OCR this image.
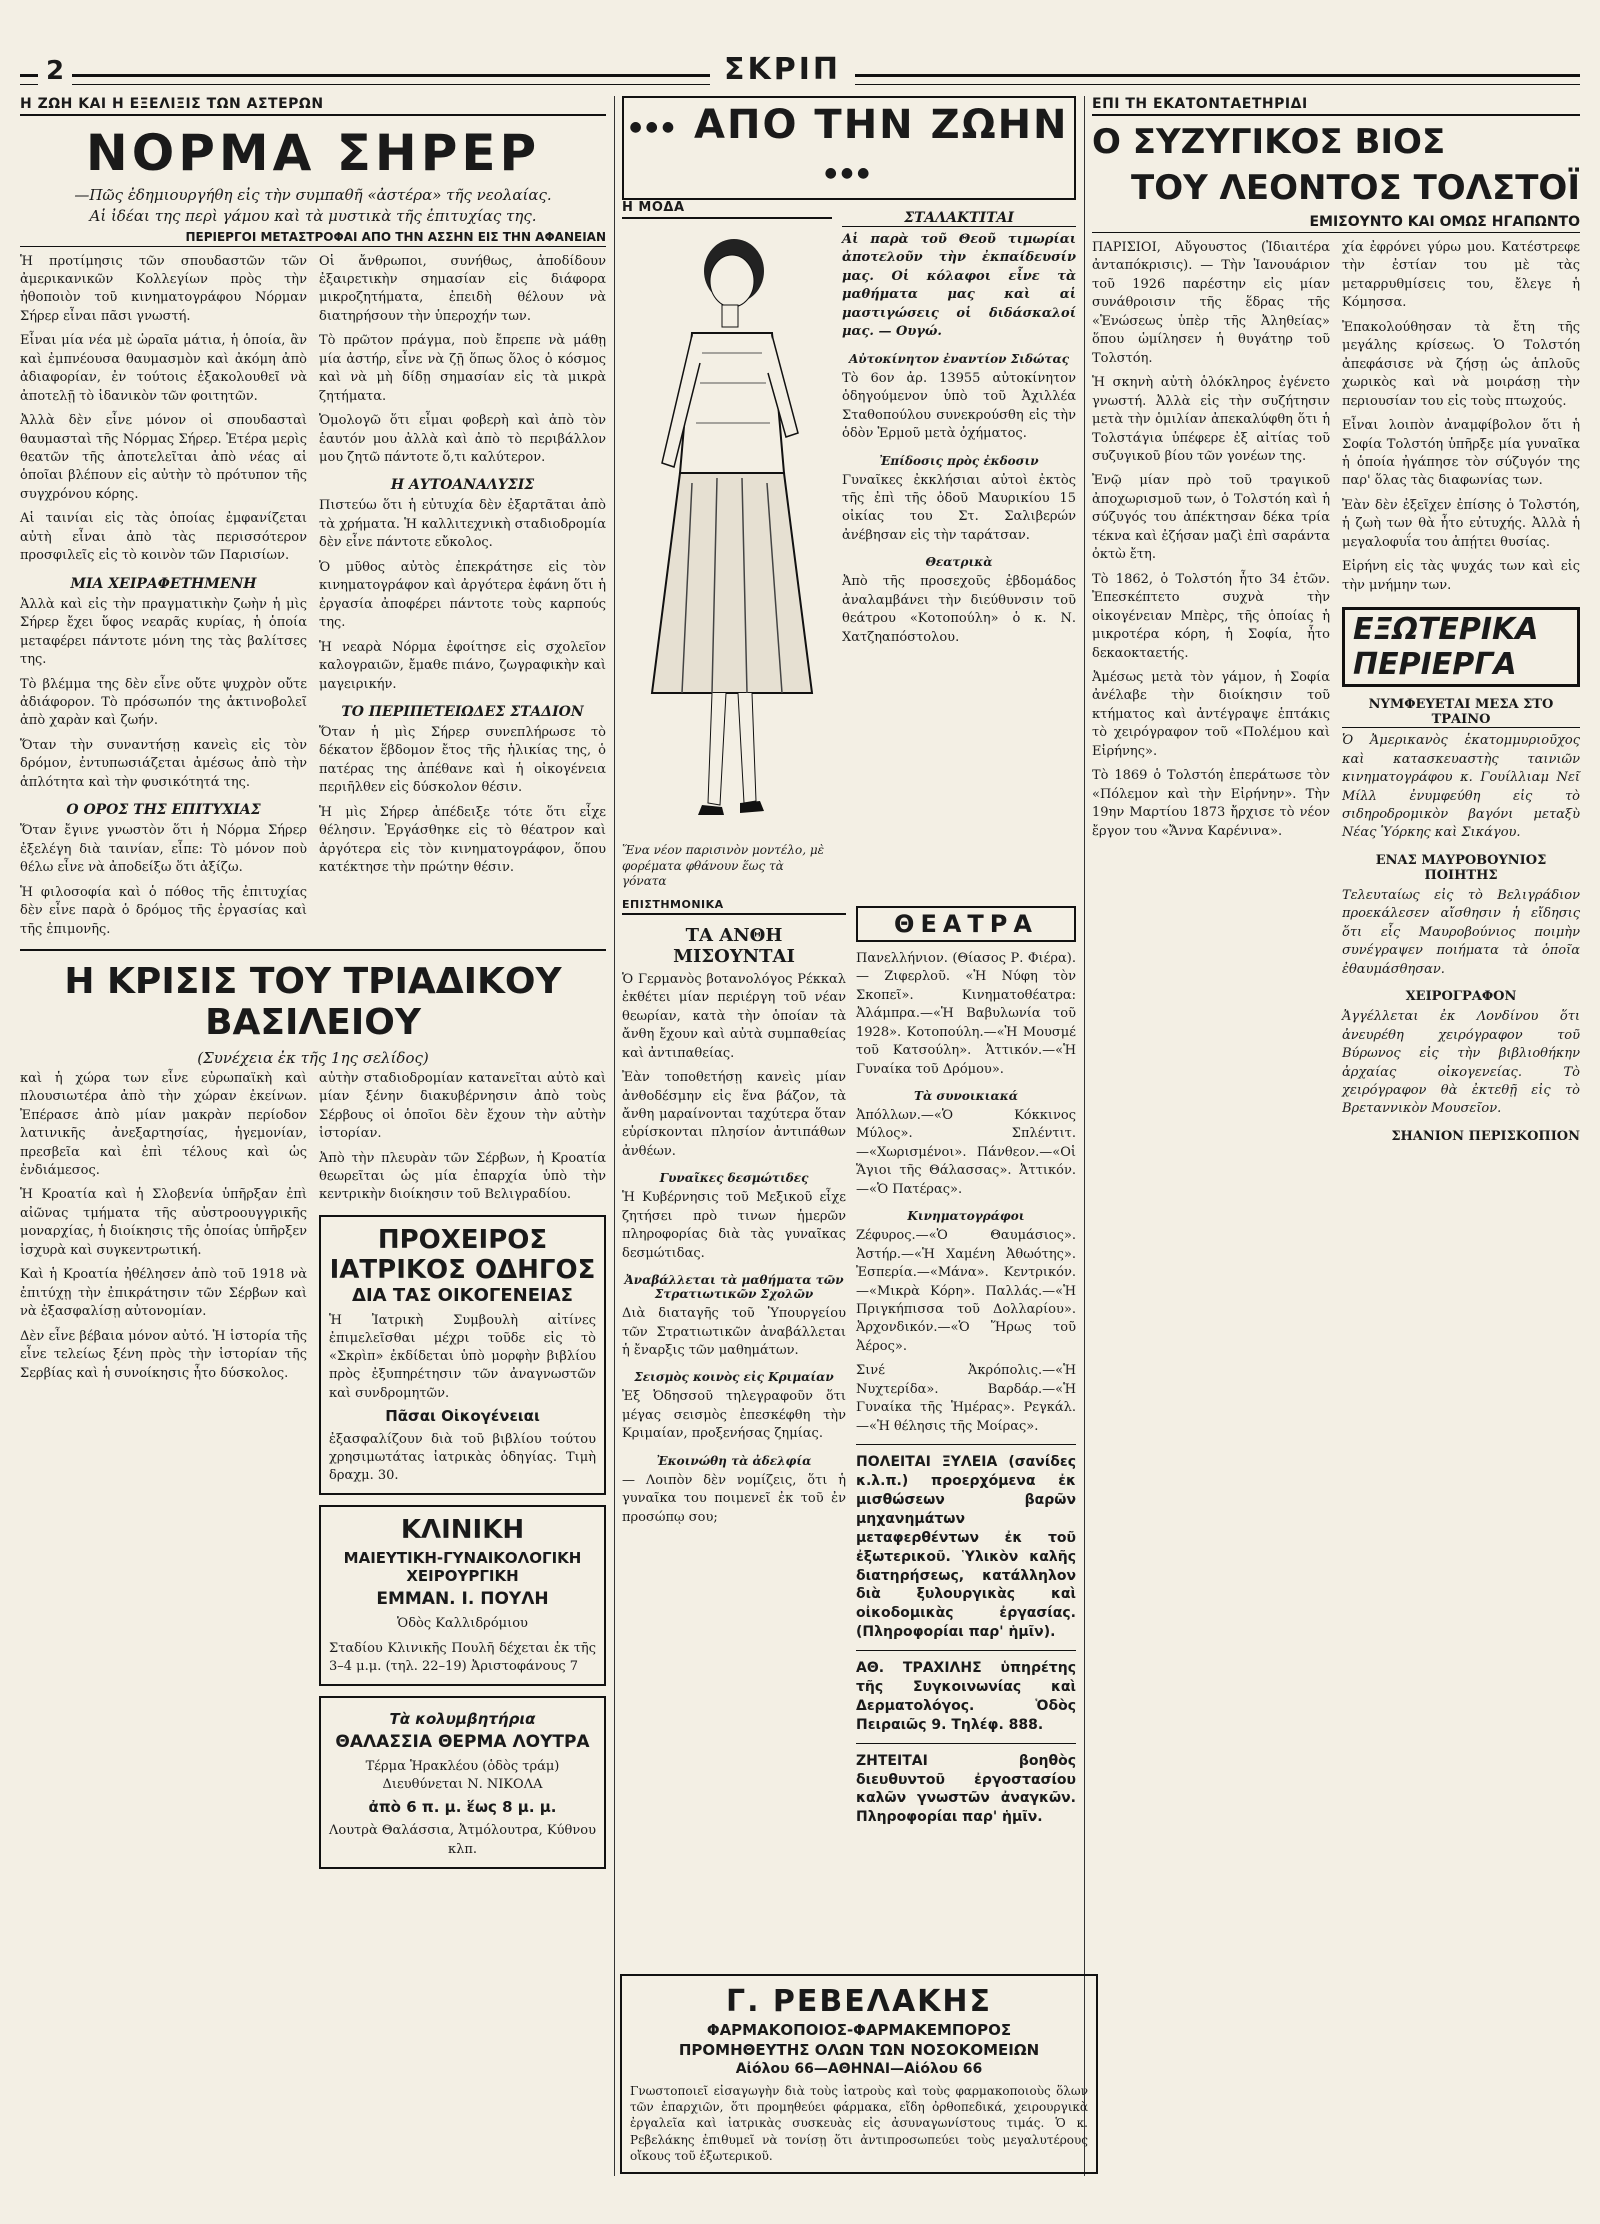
2	ΣΚΡΙΠ
Η ΖΩΗ ΚΑΙ Η ΕΞΕΛΙΞΙΣ ΤΩΝ ΑΣΤΕΡΩΝ
ΝΟΡΜΑ ΣΗΡΕΡ
—Πῶς ἐδημιουργήθη εἰς τὴν συμπαθῆ «ἀστέρα» τῆς νεολαίας.
Αἱ ἰδέαι της περὶ γάμου καὶ τὰ μυστικὰ τῆς ἐπιτυχίας της.
ΠΕΡΙΕΡΓΟΙ ΜΕΤΑΣΤΡΟΦΑΙ ΑΠΟ ΤΗΝ ΑΣΣΗΝ ΕΙΣ ΤΗΝ ΑΦΑΝΕΙΑΝ

Ἡ προτίμησις τῶν σπουδαστῶν τῶν ἀμερικανικῶν Κολλεγίων πρὸς τὴν ἠθοποιὸν τοῦ κινηματογράφου Νόρμαν Σήρερ εἶναι πᾶσι γνωστή.

Εἶναι μία νέα μὲ ὡραῖα μάτια, ἡ ὁποία, ἂν καὶ ἐμπνέουσα θαυμασμὸν καὶ ἀκόμη ἀπὸ ἀδιαφορίαν, ἐν τούτοις ἐξακολουθεῖ νὰ ἀποτελῇ τὸ ἰδανικὸν τῶν φοιτητῶν.

Ἀλλὰ δὲν εἶνε μόνον οἱ σπουδασταὶ θαυμασταὶ τῆς Νόρμας Σήρερ. Ἑτέρα μερὶς θεατῶν τῆς ἀποτελεῖται ἀπὸ νέας αἱ ὁποῖαι βλέπουν εἰς αὐτὴν τὸ πρότυπον τῆς συγχρόνου κόρης.

Αἱ ταινίαι εἰς τὰς ὁποίας ἐμφανίζεται αὐτὴ εἶναι ἀπὸ τὰς περισσότερον προσφιλεῖς εἰς τὸ κοινὸν τῶν Παρισίων.

ΜΙΑ ΧΕΙΡΑΦΕΤΗΜΕΝΗ

Ἀλλὰ καὶ εἰς τὴν πραγματικὴν ζωὴν ἡ μὶς Σήρερ ἔχει ὕφος νεαρᾶς κυρίας, ἡ ὁποία μεταφέρει πάντοτε μόνη της τὰς βαλίτσες της.

Τὸ βλέμμα της δὲν εἶνε οὔτε ψυχρὸν οὔτε ἀδιάφορον. Τὸ πρόσωπόν της ἀκτινοβολεῖ ἀπὸ χαρὰν καὶ ζωήν.

Ὅταν τὴν συναντήσῃ κανεὶς εἰς τὸν δρόμον, ἐντυπωσιάζεται ἀμέσως ἀπὸ τὴν ἁπλότητα καὶ τὴν φυσικότητά της.

Ο ΟΡΟΣ ΤΗΣ ΕΠΙΤΥΧΙΑΣ

Ὅταν ἔγινε γνωστὸν ὅτι ἡ Νόρμα Σήρερ ἐξελέγη διὰ ταινίαν, εἶπε: Τὸ μόνον ποὺ θέλω εἶνε νὰ ἀποδείξω ὅτι ἀξίζω.

Ἡ φιλοσοφία καὶ ὁ πόθος τῆς ἐπιτυχίας δὲν εἶνε παρὰ ὁ δρόμος τῆς ἐργασίας καὶ τῆς ἐπιμονῆς.

Οἱ ἄνθρωποι, συνήθως, ἀποδίδουν ἐξαιρετικὴν σημασίαν εἰς διάφορα μικροζητήματα, ἐπειδὴ θέλουν νὰ διατηρήσουν τὴν ὑπεροχήν των.

Τὸ πρῶτον πράγμα, ποὺ ἔπρεπε νὰ μάθῃ μία ἀστήρ, εἶνε νὰ ζῇ ὅπως ὅλος ὁ κόσμος καὶ νὰ μὴ δίδῃ σημασίαν εἰς τὰ μικρὰ ζητήματα.

Ὁμολογῶ ὅτι εἶμαι φοβερὴ καὶ ἀπὸ τὸν ἑαυτόν μου ἀλλὰ καὶ ἀπὸ τὸ περιβάλλον μου ζητῶ πάντοτε ὅ,τι καλύτερον.

Η ΑΥΤΟΑΝΑΛΥΣΙΣ

Πιστεύω ὅτι ἡ εὐτυχία δὲν ἐξαρτᾶται ἀπὸ τὰ χρήματα. Ἡ καλλιτεχνικὴ σταδιοδρομία δὲν εἶνε πάντοτε εὔκολος.

Ὁ μῦθος αὐτὸς ἐπεκράτησε εἰς τὸν κινηματογράφον καὶ ἀργότερα ἐφάνη ὅτι ἡ ἐργασία ἀποφέρει πάντοτε τοὺς καρπούς της.

Ἡ νεαρὰ Νόρμα ἐφοίτησε εἰς σχολεῖον καλογραιῶν, ἔμαθε πιάνο, ζωγραφικὴν καὶ μαγειρικήν.

ΤΟ ΠΕΡΙΠΕΤΕΙΩΔΕΣ ΣΤΑΔΙΟΝ

Ὅταν ἡ μὶς Σήρερ συνεπλήρωσε τὸ δέκατον ἕβδομον ἔτος τῆς ἡλικίας της, ὁ πατέρας της ἀπέθανε καὶ ἡ οἰκογένεια περιῆλθεν εἰς δύσκολον θέσιν.

Ἡ μὶς Σήρερ ἀπέδειξε τότε ὅτι εἶχε θέλησιν. Ἐργάσθηκε εἰς τὸ θέατρον καὶ ἀργότερα εἰς τὸν κινηματογράφον, ὅπου κατέκτησε τὴν πρώτην θέσιν.

Η ΚΡΙΣΙΣ ΤΟΥ ΤΡΙΑΔΙΚΟΥ ΒΑΣΙΛΕΙΟΥ
(Συνέχεια ἐκ τῆς 1ης σελίδος)

καὶ ἡ χώρα των εἶνε εὐρωπαϊκὴ καὶ πλουσιωτέρα ἀπὸ τὴν χώραν ἐκείνων. Ἐπέρασε ἀπὸ μίαν μακρὰν περίοδον λατινικῆς ἀνεξαρτησίας, ἡγεμονίαν, πρεσβεῖα καὶ ἐπὶ τέλους καὶ ὡς ἐνδιάμεσος.

Ἡ Κροατία καὶ ἡ Σλοβενία ὑπῆρξαν ἐπὶ αἰῶνας τμήματα τῆς αὐστροουγγρικῆς μοναρχίας, ἡ διοίκησις τῆς ὁποίας ὑπῆρξεν ἰσχυρὰ καὶ συγκεντρωτική.

Καὶ ἡ Κροατία ἠθέλησεν ἀπὸ τοῦ 1918 νὰ ἐπιτύχῃ τὴν ἐπικράτησιν τῶν Σέρβων καὶ νὰ ἐξασφαλίσῃ αὐτονομίαν.

Δὲν εἶνε βέβαια μόνον αὐτό. Ἡ ἱστορία τῆς εἶνε τελείως ξένη πρὸς τὴν ἱστορίαν τῆς Σερβίας καὶ ἡ συνοίκησις ἦτο δύσκολος.

αὐτὴν σταδιοδρομίαν κατανεῖται αὐτὸ καὶ μίαν ξένην διακυβέρνησιν ἀπὸ τοὺς Σέρβους οἱ ὁποῖοι δὲν ἔχουν τὴν αὐτὴν ἱστορίαν.

Ἀπὸ τὴν πλευρὰν τῶν Σέρβων, ἡ Κροατία θεωρεῖται ὡς μία ἐπαρχία ὑπὸ τὴν κεντρικὴν διοίκησιν τοῦ Βελιγραδίου.

ΠΡΟΧΕΙΡΟΣ
ΙΑΤΡΙΚΟΣ ΟΔΗΓΟΣ
ΔΙΑ ΤΑΣ ΟΙΚΟΓΕΝΕΙΑΣ
Ἡ Ἰατρικὴ Συμβουλὴ αἰτίνες ἐπιμελεῖσθαι μέχρι τοῦδε εἰς τὸ «Σκρὶπ» ἐκδίδεται ὑπὸ μορφὴν βιβλίου πρὸς ἐξυπηρέτησιν τῶν ἀναγνωστῶν καὶ συνδρομητῶν.
Πᾶσαι Οἰκογένειαι
ἐξασφαλίζουν διὰ τοῦ βιβλίου τούτου χρησιμωτάτας ἰατρικὰς ὁδηγίας. Τιμὴ δραχμ. 30.
ΚΛΙΝΙΚΗ
ΜΑΙΕΥΤΙΚΗ-ΓΥΝΑΙΚΟΛΟΓΙΚΗ ΧΕΙΡΟΥΡΓΙΚΗ
ΕΜΜΑΝ. Ι. ΠΟΥΛΗ
Ὁδὸς Καλλιδρόμιου
Σταδίου Κλινικῆς Πουλῆ δέχεται ἐκ τῆς 3–4 μ.μ. (τηλ. 22–19) Ἀριστοφάνους 7
Τὰ κολυμβητήρια
ΘΑΛΑΣΣΙΑ ΘΕΡΜΑ ΛΟΥΤΡΑ
Τέρμα Ἡρακλέου (ὁδὸς τράμ) Διευθύνεται Ν. ΝΙΚΟΛΑ
ἀπὸ 6 π. μ. ἕως 8 μ. μ.
Λουτρὰ Θαλάσσια, Ἀτμόλουτρα, Κύθνου κλπ.
●●● ΑΠΟ ΤΗΝ ΖΩΗΝ ●●●
Η ΜΟΔΑ
Ἕνα νέον παρισινὸν μοντέλο, μὲ φορέματα φθάνουν ἕως τὰ γόνατα
ΣΤΑΛΑΚΤΙΤΑΙ

Αἱ παρὰ τοῦ Θεοῦ τιμωρίαι ἀποτελοῦν τὴν ἐκπαίδευσίν μας. Οἱ κόλαφοι εἶνε τὰ μαθήματα μας καὶ αἱ μαστιγώσεις οἱ διδάσκαλοί μας. — Ουγώ.

Αὐτοκίνητον ἐναντίον Σιδώτας

Τὸ 6ον ἀρ. 13955 αὐτοκίνητον ὁδηγούμενον ὑπὸ τοῦ Ἀχιλλέα Σταθοπούλου συνεκρούσθη εἰς τὴν ὁδὸν Ἑρμοῦ μετὰ ὀχήματος.

Ἐπίδοσις πρὸς ἐκδοσιν

Γυναῖκες ἐκκλήσιαι αὐτοὶ ἐκτὸς τῆς ἐπὶ τῆς ὁδοῦ Μαυρικίου 15 οἰκίας του Στ. Σαλιβερών ἀνέβησαν εἰς τὴν ταράτσαν.

Θεατρικὰ

Ἀπὸ τῆς προσεχοῦς ἑβδομάδος ἀναλαμβάνει τὴν διεύθυνσιν τοῦ θεάτρου «Κοτοπούλη» ὁ κ. Ν. Χατζηαπόστολου.

ΕΠΙΣΤΗΜΟΝΙΚΑ
ΤΑ ΑΝΘΗ ΜΙΣΟΥΝΤΑΙ

Ὁ Γερμανὸς βοτανολόγος Ρέκκαλ ἐκθέτει μίαν περιέργη τοῦ νέαν θεωρίαν, κατὰ τὴν ὁποίαν τὰ ἄνθη ἔχουν καὶ αὐτὰ συμπαθείας καὶ ἀντιπαθείας.

Ἐὰν τοποθετήσῃ κανεὶς μίαν ἀνθοδέσμην εἰς ἕνα βάζον, τὰ ἄνθη μαραίνονται ταχύτερα ὅταν εὑρίσκονται πλησίον ἀντιπάθων ἀνθέων.

Γυναῖκες δεσμώτιδες

Ἡ Κυβέρνησις τοῦ Μεξικοῦ εἶχε ζητήσει πρὸ τινων ἡμερῶν πληροφορίας διὰ τὰς γυναῖκας δεσμώτιδας.

Ἀναβάλλεται τὰ μαθήματα τῶν Στρατιωτικῶν Σχολῶν

Διὰ διαταγῆς τοῦ Ὑπουργείου τῶν Στρατιωτικῶν ἀναβάλλεται ἡ ἔναρξις τῶν μαθημάτων.

Σεισμὸς κοινὸς εἰς Κριμαίαν

Ἐξ Ὀδησσοῦ τηλεγραφοῦν ὅτι μέγας σεισμὸς ἐπεσκέφθη τὴν Κριμαίαν, προξενήσας ζημίας.

Ἐκοινώθη τὰ ἀδελφία

— Λοιπὸν δὲν νομίζεις, ὅτι ἡ γυναῖκα του ποιμενεῖ ἐκ τοῦ ἐν προσώπῳ σου;

ΘΕΑΤΡΑ

Πανελλήνιον. (Θίασος Ρ. Φιέρα). — Ζιφερλοῦ. «Ἡ Νύφη τὸν Σκοπεῖ». Κινηματοθέατρα: Ἀλάμπρα.—«Ἡ Βαβυλωνία τοῦ 1928». Κοτοπούλη.—«Ἡ Μουσμέ τοῦ Κατσούλη». Ἀττικόν.—«Ἡ Γυναίκα τοῦ Δρόμου».

Τὰ συνοικιακά

Ἀπόλλων.—«Ὁ Κόκκινος Μύλος». Σπλέντιτ.—«Χωρισμένοι». Πάνθεον.—«Οἱ Ἅγιοι τῆς Θάλασσας». Ἀττικόν.—«Ὁ Πατέρας».

Κινηματογράφοι

Ζέφυρος.—«Ὁ Θαυμάσιος». Ἀστήρ.—«Ἡ Χαμένη Ἀθωότης». Ἐσπερία.—«Μάνα». Κεντρικόν.—«Μικρὰ Κόρη». Παλλάς.—«Ἡ Πριγκήπισσα τοῦ Δολλαρίου». Ἀρχονδικόν.—«Ὁ Ἥρως τοῦ Ἀέρος».

Σινέ Ἀκρόπολις.—«Ἡ Νυχτερίδα». Βαρδάρ.—«Ἡ Γυναίκα τῆς Ἡμέρας». Ρεγκάλ.—«Ἡ θέλησις τῆς Μοίρας».

ΠΟΛΕΙΤΑΙ ΞΥΛΕΙΑ (σανίδες κ.λ.π.) προερχόμενα ἐκ μισθώσεων βαρῶν μηχανημάτων μεταφερθέντων ἐκ τοῦ ἐξωτερικοῦ. Ὑλικὸν καλῆς διατηρήσεως, κατάλληλον διὰ ξυλουργικὰς καὶ οἰκοδομικὰς ἐργασίας. (Πληροφορίαι παρ' ἡμῖν).
ΑΘ. ΤΡΑΧΙΛΗΣ ὑπηρέτης τῆς Συγκοινωνίας καὶ Δερματολόγος. Ὁδὸς Πειραιῶς 9. Τηλέφ. 888.
ΖΗΤΕΙΤΑΙ βοηθὸς διευθυντοῦ ἐργοστασίου καλῶν γνωστῶν ἀναγκῶν. Πληροφορίαι παρ' ἡμῖν.
Γ. ΡΕΒΕΛΑΚΗΣ
ΦΑΡΜΑΚΟΠΟΙΟΣ-ΦΑΡΜΑΚΕΜΠΟΡΟΣ
ΠΡΟΜΗΘΕΥΤΗΣ ΟΛΩΝ ΤΩΝ ΝΟΣΟΚΟΜΕΙΩΝ
Αἰόλου 66—ΑΘΗΝΑΙ—Αἰόλου 66
Γνωστοποιεῖ εἰσαγωγὴν διὰ τοὺς ἰατροὺς καὶ τοὺς φαρμακοποιοὺς ὅλων τῶν ἐπαρχιῶν, ὅτι προμηθεύει φάρμακα, εἴδη ὀρθοπεδικά, χειρουργικὰ ἐργαλεῖα καὶ ἰατρικὰς συσκευὰς εἰς ἀσυναγωνίστους τιμάς. Ὁ κ. Ρεβελάκης ἐπιθυμεῖ νὰ τονίσῃ ὅτι ἀντιπροσωπεύει τοὺς μεγαλυτέρους οἴκους τοῦ ἐξωτερικοῦ.
ΕΠΙ ΤΗ ΕΚΑΤΟΝΤΑΕΤΗΡΙΔΙ
Ο ΣΥΖΥΓΙΚΟΣ ΒΙΟΣ
ΤΟΥ ΛΕΟΝΤΟΣ ΤΟΛΣΤΟΪ
ΕΜΙΣΟΥΝΤΟ ΚΑΙ ΟΜΩΣ ΗΓΑΠΩΝΤΟ

ΠΑΡΙΣΙΟΙ, Αὔγουστος (Ἰδιαιτέρα ἀνταπόκρισις). — Τὴν Ἰανουάριον τοῦ 1926 παρέστην εἰς μίαν συνάθροισιν τῆς ἕδρας τῆς «Ἑνώσεως ὑπὲρ τῆς Ἀληθείας» ὅπου ὡμίλησεν ἡ θυγάτηρ τοῦ Τολστόη.

Ἡ σκηνὴ αὐτὴ ὁλόκληρος ἐγένετο γνωστή. Ἀλλὰ εἰς τὴν συζήτησιν μετὰ τὴν ὁμιλίαν ἀπεκαλύφθη ὅτι ἡ Τολστάγια ὑπέφερε ἐξ αἰτίας τοῦ συζυγικοῦ βίου τῶν γονέων της.

Ἐνῷ μίαν πρὸ τοῦ τραγικοῦ ἀποχωρισμοῦ των, ὁ Τολστόη καὶ ἡ σύζυγός του ἀπέκτησαν δέκα τρία τέκνα καὶ ἐζήσαν μαζὶ ἐπὶ σαράντα ὀκτὼ ἔτη.

Τὸ 1862, ὁ Τολστόη ἦτο 34 ἐτῶν. Ἐπεσκέπτετο συχνὰ τὴν οἰκογένειαν Μπὲρς, τῆς ὁποίας ἡ μικροτέρα κόρη, ἡ Σοφία, ἦτο δεκαοκταετής.

Ἀμέσως μετὰ τὸν γάμον, ἡ Σοφία ἀνέλαβε τὴν διοίκησιν τοῦ κτήματος καὶ ἀντέγραψε ἑπτάκις τὸ χειρόγραφον τοῦ «Πολέμου καὶ Εἰρήνης».

Τὸ 1869 ὁ Τολστόη ἐπεράτωσε τὸν «Πόλεμον καὶ τὴν Εἰρήνην». Τὴν 19ην Μαρτίου 1873 ἤρχισε τὸ νέον ἔργον του «Ἄννα Καρένινα».

χία ἐφρόνει γύρω μου. Κατέστρεφε τὴν ἐστίαν του μὲ τὰς μεταρρυθμίσεις του, ἔλεγε ἡ Κόμησσα.

Ἐπακολούθησαν τὰ ἔτη τῆς μεγάλης κρίσεως. Ὁ Τολστόη ἀπεφάσισε νὰ ζήσῃ ὡς ἁπλοῦς χωρικὸς καὶ νὰ μοιράσῃ τὴν περιουσίαν του εἰς τοὺς πτωχούς.

Εἶναι λοιπὸν ἀναμφίβολον ὅτι ἡ Σοφία Τολστόη ὑπῆρξε μία γυναῖκα ἡ ὁποία ἠγάπησε τὸν σύζυγόν της παρ' ὅλας τὰς διαφωνίας των.

Ἐὰν δὲν ἐξεῖχεν ἐπίσης ὁ Τολστόη, ἡ ζωὴ των θὰ ἦτο εὐτυχής. Ἀλλὰ ἡ μεγαλοφυΐα του ἀπῄτει θυσίας.

Εἰρήνη εἰς τὰς ψυχάς των καὶ εἰς τὴν μνήμην των.

ΕΞΩΤΕΡΙΚΑ ΠΕΡΙΕΡΓΑ
ΝΥΜΦΕΥΕΤΑΙ ΜΕΣΑ ΣΤΟ ΤΡΑΙΝΟ

Ὁ Ἀμερικανὸς ἑκατομμυριοῦχος καὶ κατασκευαστὴς ταινιῶν κινηματογράφου κ. Γουίλλιαμ Νεῖ Μίλλ ἐνυμφεύθη εἰς τὸ σιδηροδρομικὸν βαγόνι μεταξὺ Νέας Ὑόρκης καὶ Σικάγου.

ΕΝΑΣ ΜΑΥΡΟΒΟΥΝΙΟΣ ΠΟΙΗΤΗΣ

Τελευταίως εἰς τὸ Βελιγράδιον προεκάλεσεν αἴσθησιν ἡ εἴδησις ὅτι εἷς Μαυροβούνιος ποιμὴν συνέγραψεν ποιήματα τὰ ὁποῖα ἐθαυμάσθησαν.

ΧΕΙΡΟΓΡΑΦΟΝ

Ἀγγέλλεται ἐκ Λονδίνου ὅτι ἀνευρέθη χειρόγραφον τοῦ Βύρωνος εἰς τὴν βιβλιοθήκην ἀρχαίας οἰκογενείας. Τὸ χειρόγραφον θὰ ἐκτεθῇ εἰς τὸ Βρεταννικὸν Μουσεῖον.

ΣΗΑΝΙΟΝ ΠΕΡΙΣΚΟΠΙΟΝ
